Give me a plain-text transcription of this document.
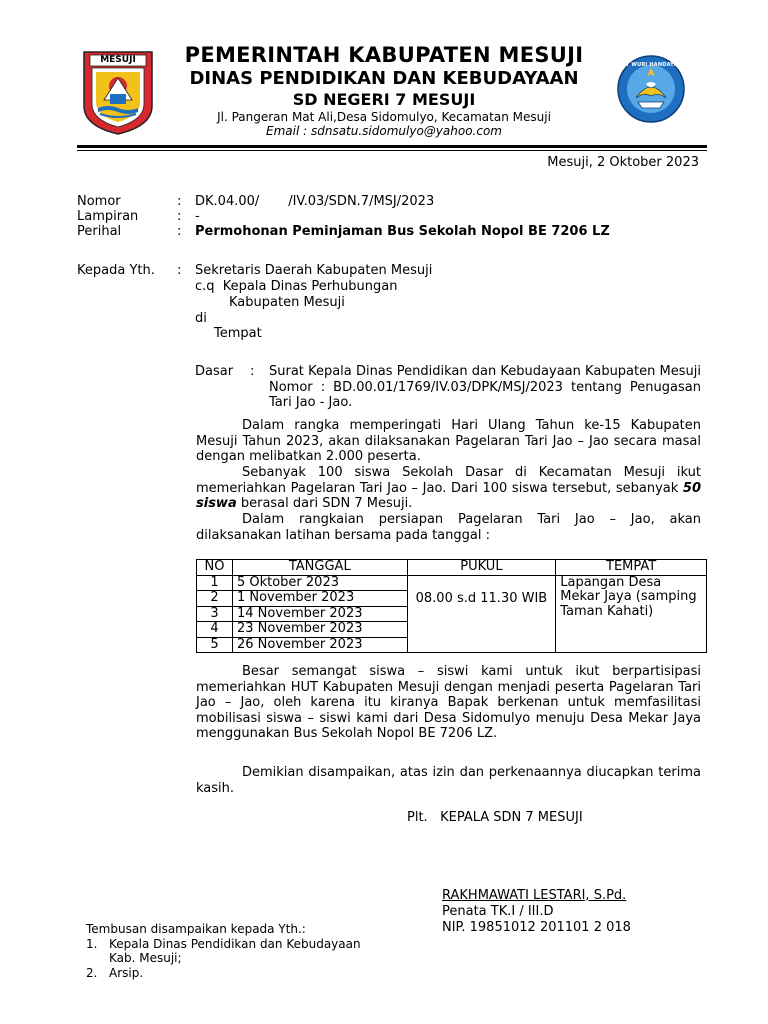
MESUJI	TUT WURI HANDAYANI
PEMERINTAH KABUPATEN MESUJI
DINAS PENDIDIKAN DAN KEBUDAYAAN
SD NEGERI 7 MESUJI
Jl. Pangeran Mat Ali,Desa Sidomulyo, Kecamatan Mesuji
Email : sdnsatu.sidomulyo@yahoo.com
Mesuji, 2 Oktober 2023
Nomor	: DK.04.00/       /IV.03/SDN.7/MSJ/2023
Lampiran	: -
Perihal	: Permohonan Peminjaman Bus Sekolah Nopol BE 7206 LZ
Kepada Yth. : Sekretaris Daerah Kabupaten Mesuji
c.q  Kepala Dinas Perhubungan
Kabupaten Mesuji
di
Tempat
Dasar : Surat Kepala Dinas Pendidikan dan Kebudayaan Kabupaten Mesuji Nomor : BD.00.01/1769/IV.03/DPK/MSJ/2023 tentang Penugasan Tari Jao - Jao.
Dalam rangka memperingati Hari Ulang Tahun ke-15 Kabupaten Mesuji Tahun 2023, akan dilaksanakan Pagelaran Tari Jao – Jao secara masal dengan melibatkan 2.000 peserta.
Sebanyak 100 siswa Sekolah Dasar di Kecamatan Mesuji ikut memeriahkan Pagelaran Tari Jao – Jao. Dari 100 siswa tersebut, sebanyak 50 siswa berasal dari SDN 7 Mesuji.
Dalam rangkaian persiapan Pagelaran Tari Jao – Jao, akan dilaksanakan latihan bersama pada tanggal :
NO	TANGGAL	PUKUL	TEMPAT
1	5 Oktober 2023	08.00 s.d 11.30 WIB	Lapangan Desa Mekar Jaya (samping Taman Kahati)
2	1 November 2023		
3	14 November 2023		
4	23 November 2023		
5	26 November 2023		
Besar semangat siswa – siswi kami untuk ikut berpartisipasi memeriahkan HUT Kabupaten Mesuji dengan menjadi peserta Pagelaran Tari Jao – Jao, oleh karena itu kiranya Bapak berkenan untuk memfasilitasi mobilisasi siswa – siswi kami dari Desa Sidomulyo menuju Desa Mekar Jaya menggunakan Bus Sekolah Nopol BE 7206 LZ.
Demikian disampaikan, atas izin dan perkenaannya diucapkan terima kasih.
Plt.   KEPALA SDN 7 MESUJI
RAKHMAWATI LESTARI, S.Pd.
Penata TK.I / III.D
NIP. 19851012 201101 2 018
Tembusan disampaikan kepada Yth.:
1. Kepala Dinas Pendidikan dan Kebudayaan
Kab. Mesuji;
2. Arsip.
